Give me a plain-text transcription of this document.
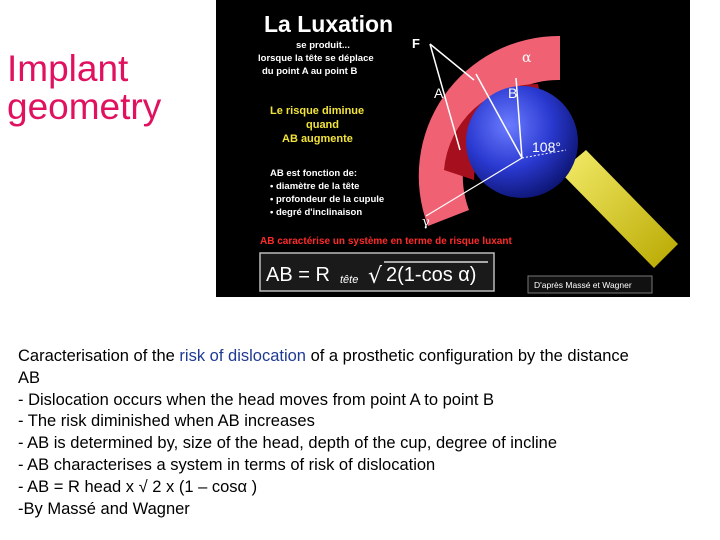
Implant
geometry
La Luxation
se produit...
lorsque la tête se déplace
du point A au point B
Le risque diminue
quand
AB augmente
AB est fonction de:
• diamètre de la tête
• profondeur de la cupule
• degré d'inclinaison
F
α
A	B
108°
γ
AB caractérise un système en terme de risque luxant
AB = R tête √ 2(1-cos α)	D'après Massé et Wagner
Caracterisation of the risk of dislocation of a prosthetic configuration by the distance
AB
- Dislocation occurs when the head moves from point A to point B
- The risk diminished when AB increases
- AB is determined by, size of the head, depth of the cup, degree of incline
- AB characterises a system in terms of risk of dislocation
- AB = R head x √ 2 x (1 – cosα )
-By Massé and Wagner
